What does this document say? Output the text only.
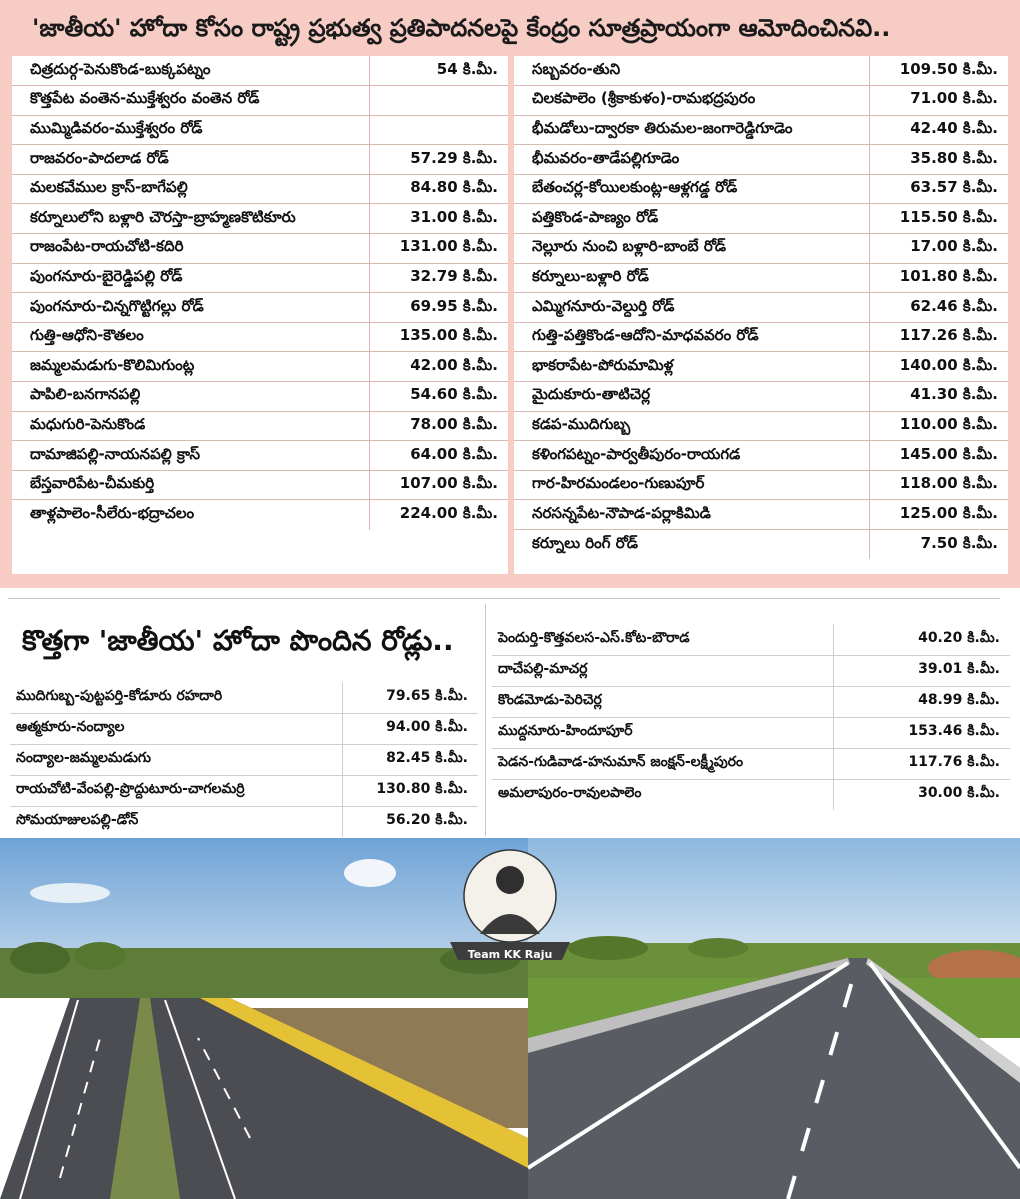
'జాతీయ' హోదా కోసం రాష్ట్ర ప్రభుత్వ ప్రతిపాదనలపై కేంద్రం సూత్రప్రాయంగా ఆమోదించినవి..
చిత్రదుర్గ-పెనుకొండ-బుక్కపట్నం	54 కి.మీ.
కొత్తపేట వంతెన-ముక్తేశ్వరం వంతెన రోడ్	
ముమ్మిడివరం-ముక్తేశ్వరం రోడ్	
రాజవరం-పాదలాడ రోడ్	57.29 కి.మీ.
మలకవేముల క్రాస్-బాగేపల్లి	84.80 కి.మీ.
కర్నూలులోని బళ్లారి చౌరస్తా-బ్రాహ్మణకొటికూరు	31.00 కి.మీ.
రాజంపేట-రాయచోటి-కదిరి	131.00 కి.మీ.
పుంగనూరు-బైరెడ్డిపల్లి రోడ్	32.79 కి.మీ.
పుంగనూరు-చిన్నగొట్టిగల్లు రోడ్	69.95 కి.మీ.
గుత్తి-ఆధోని-కౌతలం	135.00 కి.మీ.
జమ్మలమడుగు-కొలిమిగుంట్ల	42.00 కి.మీ.
పాపిలి-బనగానపల్లి	54.60 కి.మీ.
మధుగురి-పెనుకొండ	78.00 కి.మీ.
దామాజిపల్లి-నాయనపల్లి క్రాస్	64.00 కి.మీ.
బేస్తవారిపేట-చీమకుర్తి	107.00 కి.మీ.
తాళ్లపాలెం-సీలేరు-భద్రాచలం	224.00 కి.మీ.
సబ్బవరం-తుని	109.50 కి.మీ.
చిలకపాలెం (శ్రీకాకుళం)-రామభద్రపురం	71.00 కి.మీ.
భీమడోలు-ద్వారకా తిరుమల-జంగారెడ్డిగూడెం	42.40 కి.మీ.
భీమవరం-తాడేపల్లిగూడెం	35.80 కి.మీ.
బేతంచర్ల-కోయిలకుంట్ల-ఆళ్లగడ్డ రోడ్	63.57 కి.మీ.
పత్తికొండ-పాణ్యం రోడ్	115.50 కి.మీ.
నెల్లూరు నుంచి బళ్లారి-బాంబే రోడ్	17.00 కి.మీ.
కర్నూలు-బళ్లారి రోడ్	101.80 కి.మీ.
ఎమ్మిగనూరు-వెల్దుర్తి రోడ్	62.46 కి.మీ.
గుత్తి-పత్తికొండ-ఆదోని-మాధవవరం రోడ్	117.26 కి.మీ.
భాకరాపేట-పోరుమామిళ్ల	140.00 కి.మీ.
మైదుకూరు-తాటిచెర్ల	41.30 కి.మీ.
కడప-ముదిగుబ్బ	110.00 కి.మీ.
కళింగపట్నం-పార్వతీపురం-రాయగడ	145.00 కి.మీ.
గార-హిరమండలం-గుణుపూర్	118.00 కి.మీ.
నరసన్నపేట-నౌపాడ-పర్లాకిమిడి	125.00 కి.మీ.
కర్నూలు రింగ్ రోడ్	7.50 కి.మీ.
కొత్తగా 'జాతీయ' హోదా పొందిన రోడ్లు..
ముదిగుబ్బ-పుట్టపర్తి-కోడూరు రహదారి	79.65 కి.మీ.
ఆత్మకూరు-నంద్యాల	94.00 కి.మీ.
నంద్యాల-జమ్మలమడుగు	82.45 కి.మీ.
రాయచోటి-వేంపల్లి-ప్రొద్దుటూరు-చాగలమర్రి	130.80 కి.మీ.
సోమయాజులపల్లి-డోన్	56.20 కి.మీ.
పెందుర్తి-కొత్తవలస-ఎస్.కోట-బౌరాడ	40.20 కి.మీ.
దాచేపల్లి-మాచర్ల	39.01 కి.మీ.
కొండమోడు-పెరిచెర్ల	48.99 కి.మీ.
ముద్దనూరు-హిందూపూర్	153.46 కి.మీ.
పెడన-గుడివాడ-హనుమాన్ జంక్షన్-లక్ష్మీపురం	117.76 కి.మీ.
అమలాపురం-రావులపాలెం	30.00 కి.మీ.
Team KK Raju
